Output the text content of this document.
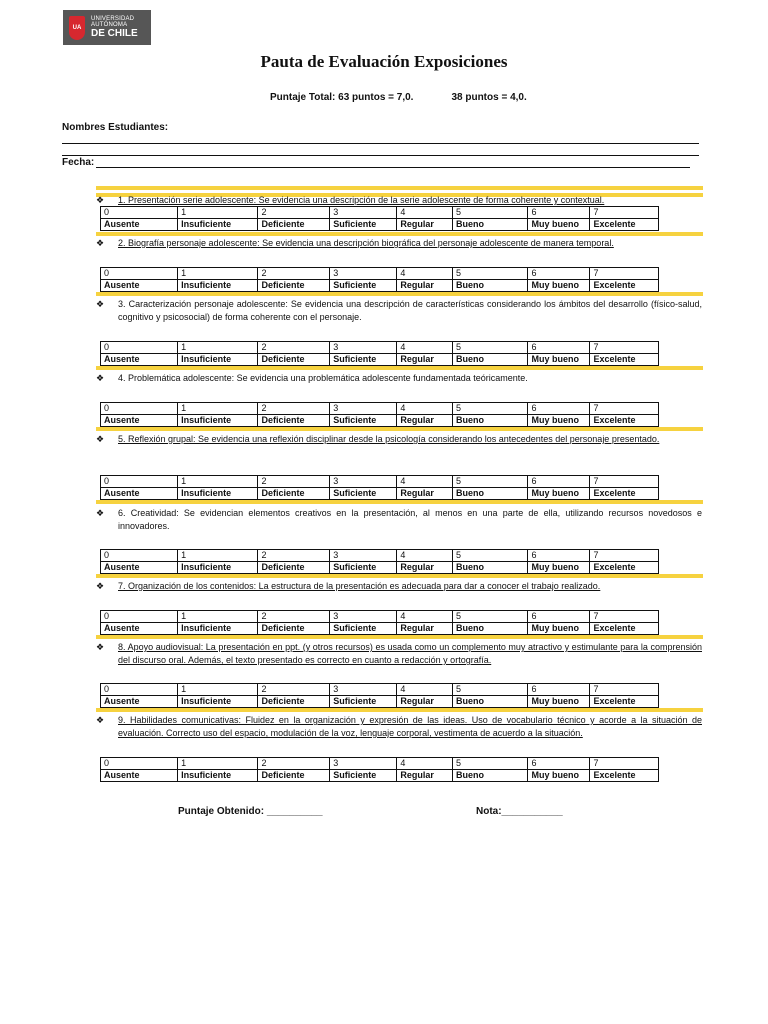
UA
UNIVERSIDAD
AUTÓNOMA
DE CHILE
Pauta de Evaluación Exposiciones
Puntaje Total: 63 puntos = 7,0.	38 puntos = 4,0.
Nombres Estudiantes:
Fecha:
❖	1. Presentación serie adolescente: Se evidencia una descripción de la serie adolescente de forma coherente y contextual.
0	1	2	3	4	5	6	7
Ausente	Insuficiente	Deficiente	Suficiente	Regular	Bueno	Muy bueno	Excelente
❖	2. Biografía personaje adolescente: Se evidencia una descripción biográfica del personaje adolescente de manera temporal.
0	1	2	3	4	5	6	7
Ausente	Insuficiente	Deficiente	Suficiente	Regular	Bueno	Muy bueno	Excelente
❖	3. Caracterización personaje adolescente: Se evidencia una descripción de características considerando los ámbitos del desarrollo (físico-salud, cognitivo y psicosocial) de forma coherente con el personaje.
0	1	2	3	4	5	6	7
Ausente	Insuficiente	Deficiente	Suficiente	Regular	Bueno	Muy bueno	Excelente
❖	4. Problemática adolescente: Se evidencia una problemática adolescente fundamentada teóricamente.
0	1	2	3	4	5	6	7
Ausente	Insuficiente	Deficiente	Suficiente	Regular	Bueno	Muy bueno	Excelente
❖	5. Reflexión grupal: Se evidencia una reflexión disciplinar desde la psicología considerando los antecedentes del personaje presentado.
0	1	2	3	4	5	6	7
Ausente	Insuficiente	Deficiente	Suficiente	Regular	Bueno	Muy bueno	Excelente
❖	6. Creatividad: Se evidencian elementos creativos en la presentación, al menos en una parte de ella, utilizando recursos novedosos e innovadores.
0	1	2	3	4	5	6	7
Ausente	Insuficiente	Deficiente	Suficiente	Regular	Bueno	Muy bueno	Excelente
❖	7. Organización de los contenidos: La estructura de la presentación es adecuada para dar a conocer el trabajo realizado.
0	1	2	3	4	5	6	7
Ausente	Insuficiente	Deficiente	Suficiente	Regular	Bueno	Muy bueno	Excelente
❖	8. Apoyo audiovisual: La presentación en ppt. (y otros recursos) es usada como un complemento muy atractivo y estimulante para la comprensión del discurso oral. Además, el texto presentado es correcto en cuanto a redacción y ortografía.
0	1	2	3	4	5	6	7
Ausente	Insuficiente	Deficiente	Suficiente	Regular	Bueno	Muy bueno	Excelente
❖	9. Habilidades comunicativas: Fluidez en la organización y expresión de las ideas. Uso de vocabulario técnico y acorde a la situación de evaluación. Correcto uso del espacio, modulación de la voz, lenguaje corporal, vestimenta de acuerdo a la situación.
0	1	2	3	4	5	6	7
Ausente	Insuficiente	Deficiente	Suficiente	Regular	Bueno	Muy bueno	Excelente
Puntaje Obtenido: __________	Nota:___________
